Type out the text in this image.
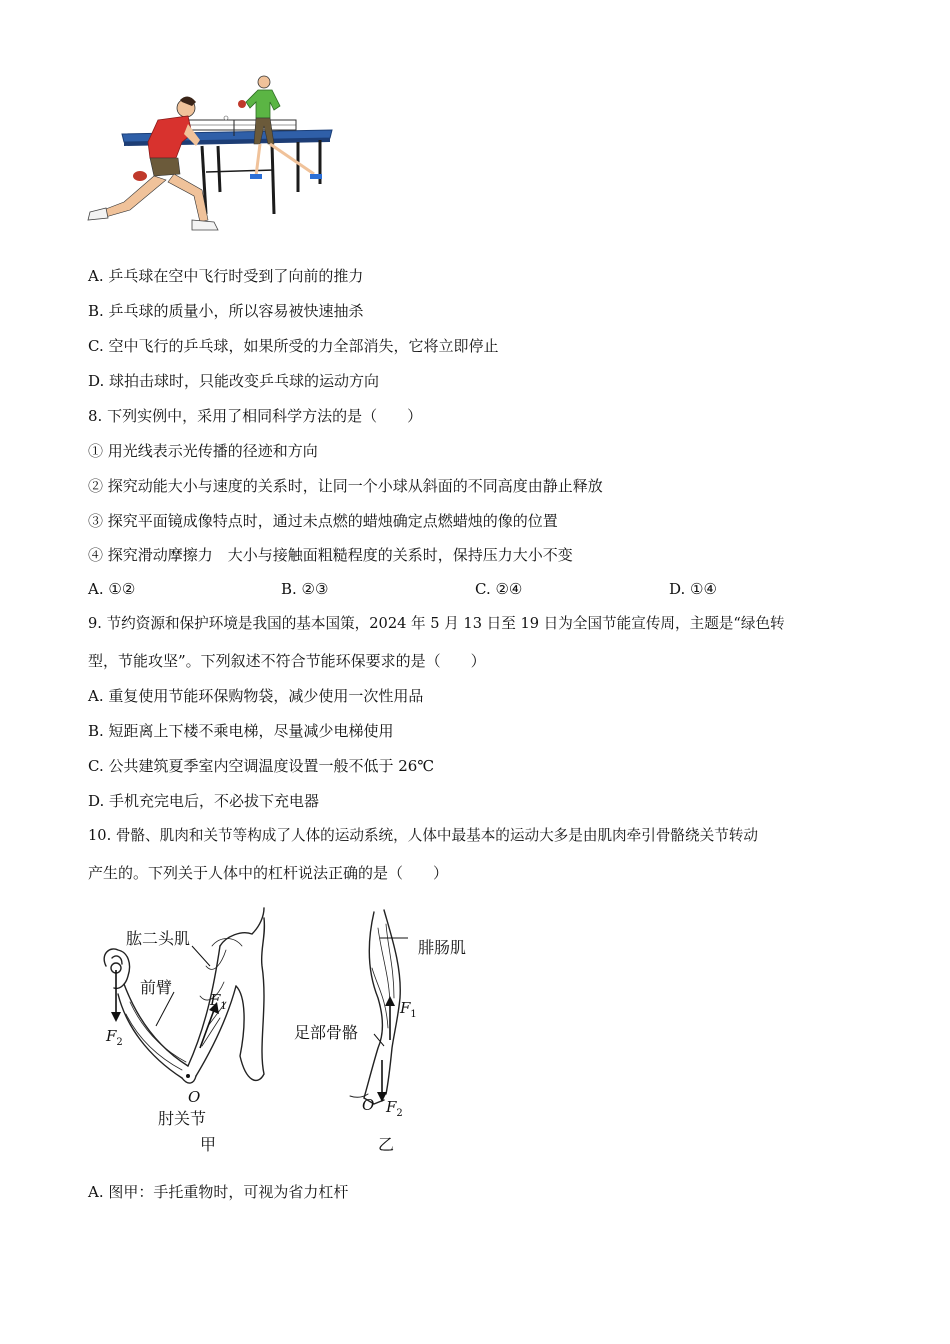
A. 乒乓球在空中飞行时受到了向前的推力
B. 乒乓球的质量小，所以容易被快速抽杀
C. 空中飞行的乒乓球，如果所受的力全部消失，它将立即停止
D. 球拍击球时，只能改变乒乓球的运动方向
8. 下列实例中，采用了相同科学方法的是（　　）
① 用光线表示光传播的径迹和方向
② 探究动能大小与速度的关系时，让同一个小球从斜面的不同高度由静止释放
③ 探究平面镜成像特点时，通过未点燃的蜡烛确定点燃蜡烛的像的位置
④ 探究滑动摩擦力　大小与接触面粗糙程度的关系时，保持压力大小不变
A. ①②	B. ②③	C. ②④	D. ①④
9. 节约资源和保护环境是我国的基本国策，2024 年 5 月 13 日至 19 日为全国节能宣传周，主题是“绿色转
型，节能攻坚”。下列叙述不符合节能环保要求的是（　　）
A. 重复使用节能环保购物袋，减少使用一次性用品
B. 短距离上下楼不乘电梯，尽量减少电梯使用
C. 公共建筑夏季室内空调温度设置一般不低于 26℃
D. 手机充完电后，不必拔下充电器
10. 骨骼、肌肉和关节等构成了人体的运动系统，人体中最基本的运动大多是由肌肉牵引骨骼绕关节转动
产生的。下列关于人体中的杠杆说法正确的是（　　）
肱二头肌
前臂
$F_1$
$F_2$
O
肘关节
甲
腓肠肌
$F_1$
足部骨骼
O $F_2$
乙
A. 图甲：手托重物时，可视为省力杠杆
